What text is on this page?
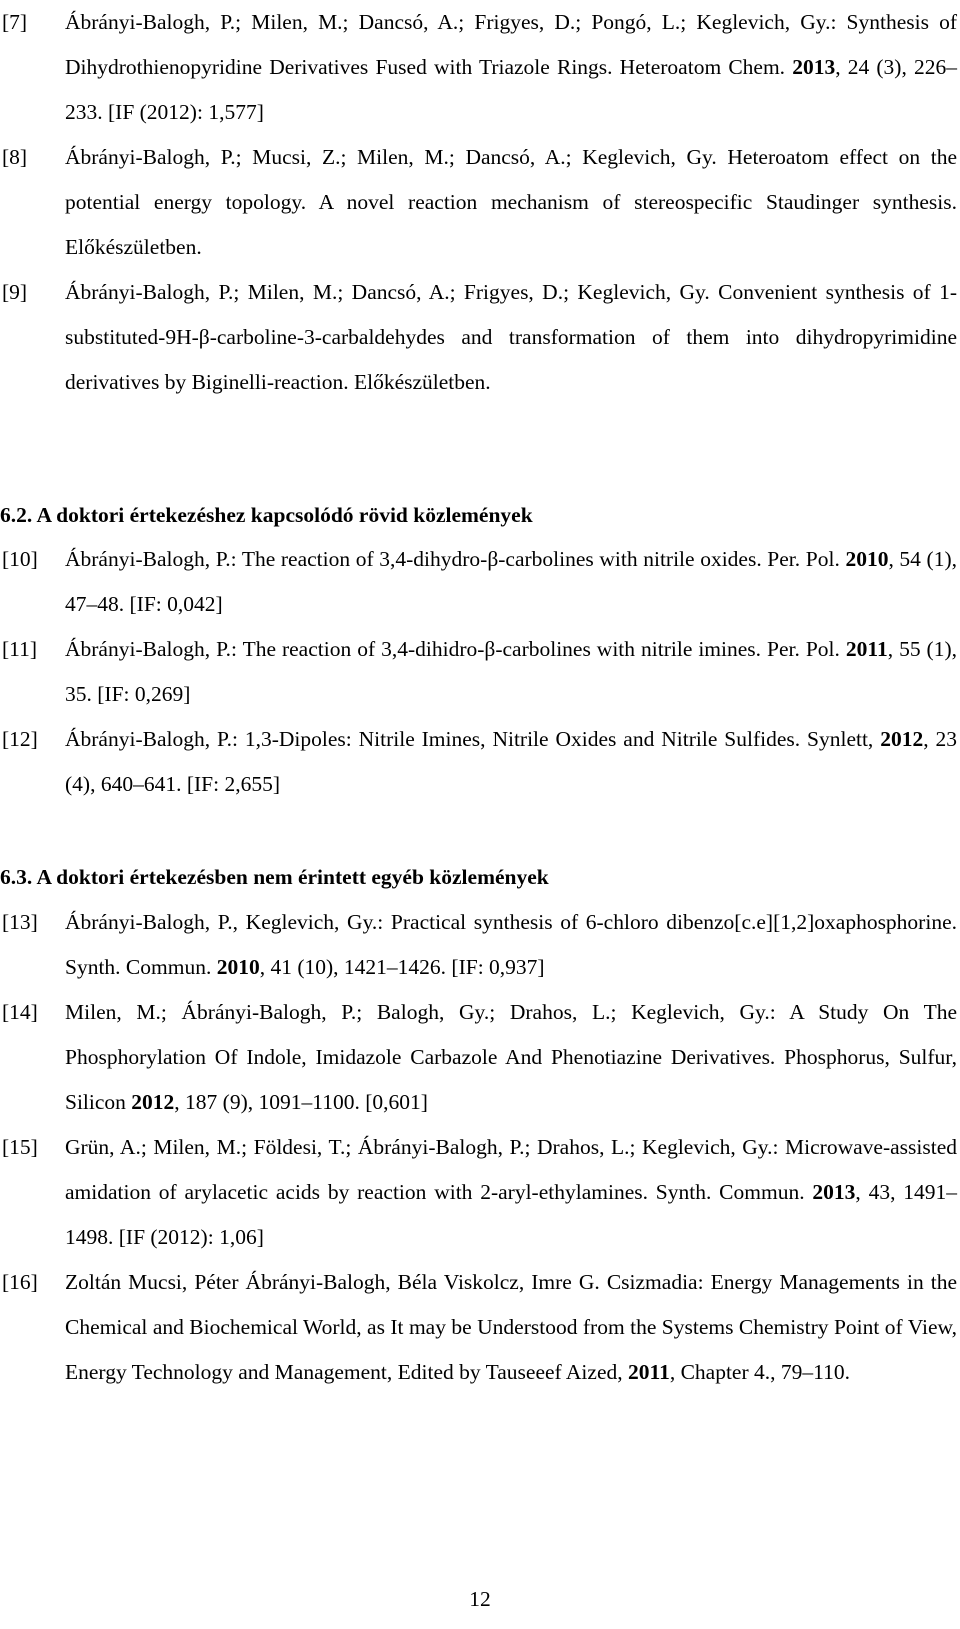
[7] Ábrányi-Balogh, P.; Milen, M.; Dancsó, A.; Frigyes, D.; Pongó, L.; Keglevich, Gy.: Synthesis of Dihydrothienopyridine Derivatives Fused with Triazole Rings. Heteroatom Chem. 2013, 24 (3), 226–233. [IF (2012): 1,577]
[8] Ábrányi-Balogh, P.; Mucsi, Z.; Milen, M.; Dancsó, A.; Keglevich, Gy. Heteroatom effect on the potential energy topology. A novel reaction mechanism of stereospecific Staudinger synthesis. Előkészületben.
[9] Ábrányi-Balogh, P.; Milen, M.; Dancsó, A.; Frigyes, D.; Keglevich, Gy. Convenient synthesis of 1-substituted-9H-β-carboline-3-carbaldehydes and transformation of them into dihydropyrimidine derivatives by Biginelli-reaction. Előkészületben.
6.2. A doktori értekezéshez kapcsolódó rövid közlemények
[10] Ábrányi-Balogh, P.: The reaction of 3,4-dihydro-β-carbolines with nitrile oxides. Per. Pol. 2010, 54 (1), 47–48. [IF: 0,042]
[11] Ábrányi-Balogh, P.: The reaction of 3,4-dihidro-β-carbolines with nitrile imines. Per. Pol. 2011, 55 (1), 35. [IF: 0,269]
[12] Ábrányi-Balogh, P.: 1,3-Dipoles: Nitrile Imines, Nitrile Oxides and Nitrile Sulfides. Synlett, 2012, 23 (4), 640–641. [IF: 2,655]
6.3. A doktori értekezésben nem érintett egyéb közlemények
[13] Ábrányi-Balogh, P., Keglevich, Gy.: Practical synthesis of 6-chloro dibenzo[c.e][1,2]oxaphosphorine. Synth. Commun. 2010, 41 (10), 1421–1426. [IF: 0,937]
[14] Milen, M.; Ábrányi-Balogh, P.; Balogh, Gy.; Drahos, L.; Keglevich, Gy.: A Study On The Phosphorylation Of Indole, Imidazole Carbazole And Phenotiazine Derivatives. Phosphorus, Sulfur, Silicon 2012, 187 (9), 1091–1100. [0,601]
[15] Grün, A.; Milen, M.; Földesi, T.; Ábrányi-Balogh, P.; Drahos, L.; Keglevich, Gy.: Microwave-assisted amidation of arylacetic acids by reaction with 2-aryl-ethylamines. Synth. Commun. 2013, 43, 1491–1498. [IF (2012): 1,06]
[16] Zoltán Mucsi, Péter Ábrányi-Balogh, Béla Viskolcz, Imre G. Csizmadia: Energy Managements in the Chemical and Biochemical World, as It may be Understood from the Systems Chemistry Point of View, Energy Technology and Management, Edited by Tauseeef Aized, 2011, Chapter 4., 79–110.
12
